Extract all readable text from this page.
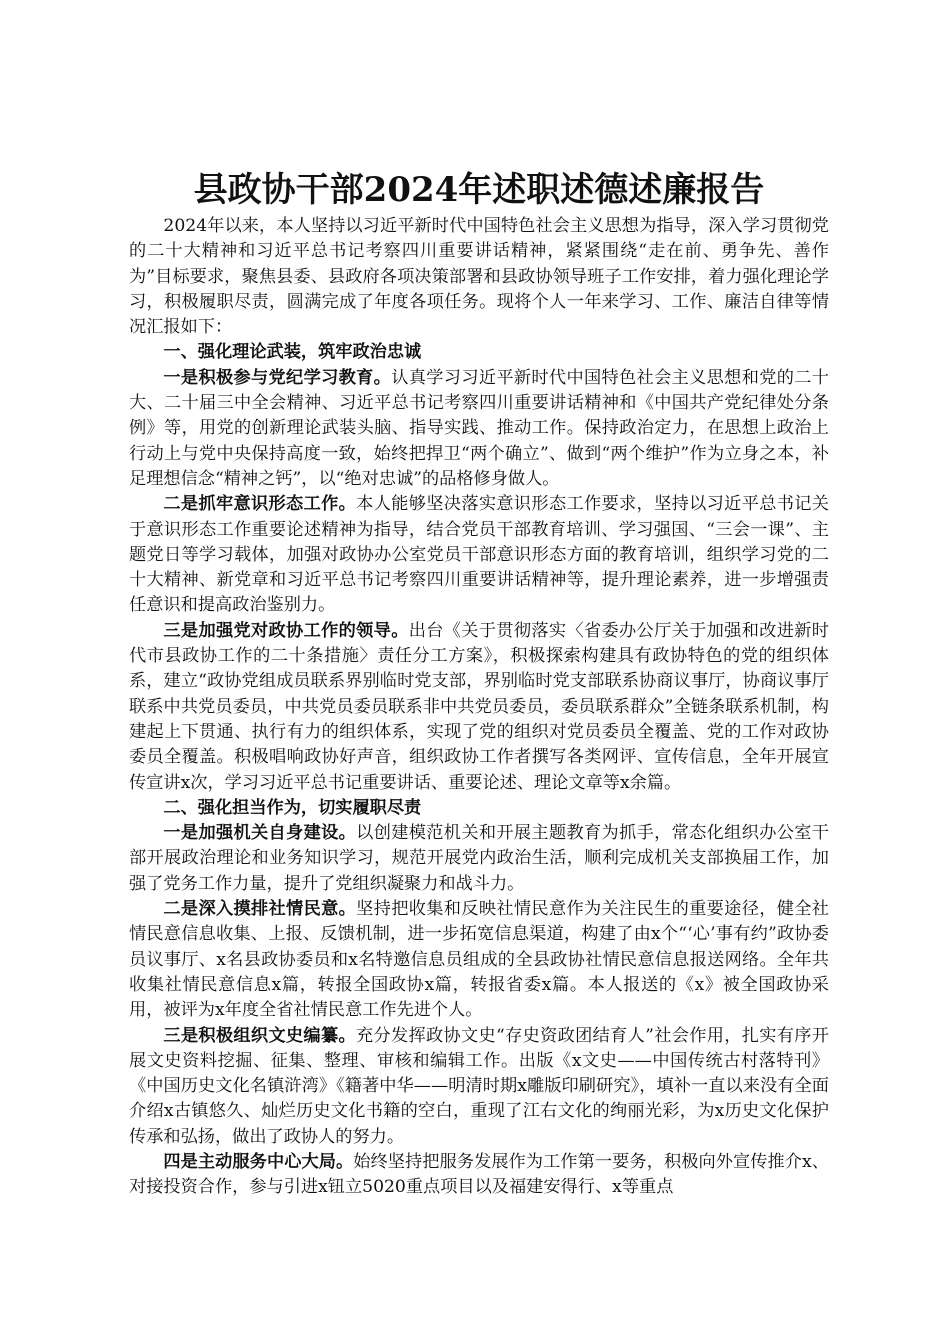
县政协干部2024年述职述德述廉报告

2024年以来，本人坚持以习近平新时代中国特色社会主义思想为指导，深入学习贯彻党的二十大精神和习近平总书记考察四川重要讲话精神，紧紧围绕“走在前、勇争先、善作为”目标要求，聚焦县委、县政府各项决策部署和县政协领导班子工作安排，着力强化理论学习，积极履职尽责，圆满完成了年度各项任务。现将个人一年来学习、工作、廉洁自律等情况汇报如下：

一、强化理论武装，筑牢政治忠诚

一是积极参与党纪学习教育。认真学习习近平新时代中国特色社会主义思想和党的二十大、二十届三中全会精神、习近平总书记考察四川重要讲话精神和《中国共产党纪律处分条例》等，用党的创新理论武装头脑、指导实践、推动工作。保持政治定力，在思想上政治上行动上与党中央保持高度一致，始终把捍卫“两个确立”、做到“两个维护”作为立身之本，补足理想信念“精神之钙”，以“绝对忠诚”的品格修身做人。

二是抓牢意识形态工作。本人能够坚决落实意识形态工作要求，坚持以习近平总书记关于意识形态工作重要论述精神为指导，结合党员干部教育培训、学习强国、“三会一课”、主题党日等学习载体，加强对政协办公室党员干部意识形态方面的教育培训，组织学习党的二十大精神、新党章和习近平总书记考察四川重要讲话精神等，提升理论素养，进一步增强责任意识和提高政治鉴别力。

三是加强党对政协工作的领导。出台《关于贯彻落实〈省委办公厅关于加强和改进新时代市县政协工作的二十条措施〉责任分工方案》，积极探索构建具有政协特色的党的组织体系，建立“政协党组成员联系界别临时党支部，界别临时党支部联系协商议事厅，协商议事厅联系中共党员委员，中共党员委员联系非中共党员委员，委员联系群众”全链条联系机制，构建起上下贯通、执行有力的组织体系，实现了党的组织对党员委员全覆盖、党的工作对政协委员全覆盖。积极唱响政协好声音，组织政协工作者撰写各类网评、宣传信息，全年开展宣传宣讲x次，学习习近平总书记重要讲话、重要论述、理论文章等x余篇。

二、强化担当作为，切实履职尽责

一是加强机关自身建设。以创建模范机关和开展主题教育为抓手，常态化组织办公室干部开展政治理论和业务知识学习，规范开展党内政治生活，顺利完成机关支部换届工作，加强了党务工作力量，提升了党组织凝聚力和战斗力。

二是深入摸排社情民意。坚持把收集和反映社情民意作为关注民生的重要途径，健全社情民意信息收集、上报、反馈机制，进一步拓宽信息渠道，构建了由x个“‘心’事有约”政协委员议事厅、x名县政协委员和x名特邀信息员组成的全县政协社情民意信息报送网络。全年共收集社情民意信息x篇，转报全国政协x篇，转报省委x篇。本人报送的《x》被全国政协采用，被评为x年度全省社情民意工作先进个人。

三是积极组织文史编纂。充分发挥政协文史“存史资政团结育人”社会作用，扎实有序开展文史资料挖掘、征集、整理、审核和编辑工作。出版《x文史——中国传统古村落特刊》《中国历史文化名镇浒湾》《籍著中华——明清时期x雕版印刷研究》，填补一直以来没有全面介绍x古镇悠久、灿烂历史文化书籍的空白，重现了江右文化的绚丽光彩，为x历史文化保护传承和弘扬，做出了政协人的努力。

四是主动服务中心大局。始终坚持把服务发展作为工作第一要务，积极向外宣传推介x、对接投资合作，参与引进x钮立5020重点项目以及福建安得行、x等重点
